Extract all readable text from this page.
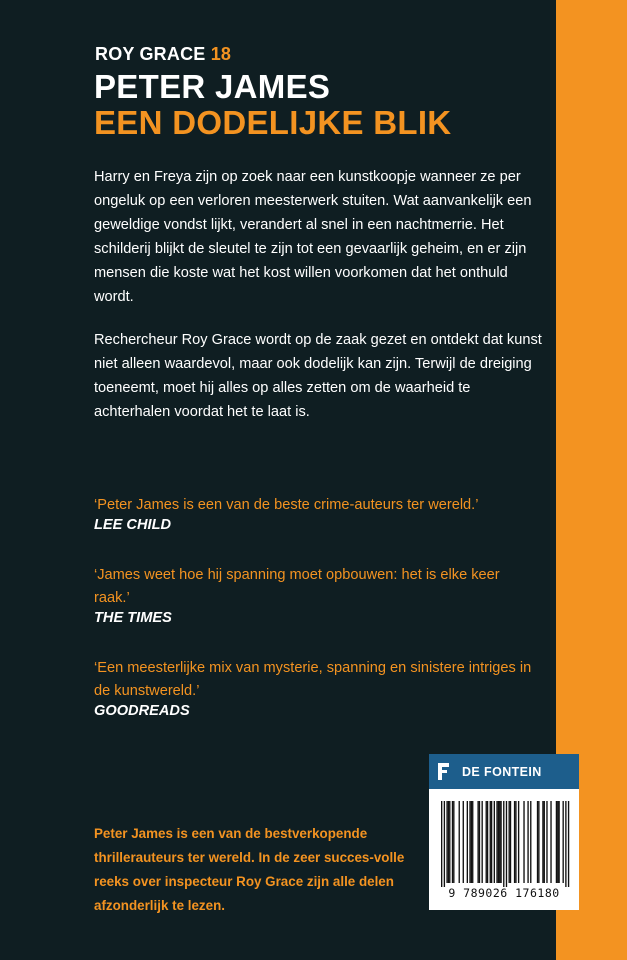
ROY GRACE 18
PETER JAMES
EEN DODELIJKE BLIK

Harry en Freya zijn op zoek naar een kunstkoopje wanneer ze per ongeluk op een verloren meesterwerk stuiten. Wat aanvankelijk een geweldige vondst lijkt, verandert al snel in een nachtmerrie. Het schilderij blijkt de sleutel te zijn tot een gevaarlijk geheim, en er zijn mensen die koste wat het kost willen voorkomen dat het onthuld wordt.

Rechercheur Roy Grace wordt op de zaak gezet en ontdekt dat kunst niet alleen waardevol, maar ook dodelijk kan zijn. Terwijl de dreiging toeneemt, moet hij alles op alles zetten om de waarheid te achterhalen voordat het te laat is.

‘Peter James is een van de beste crime-auteurs ter wereld.’

LEE CHILD

‘James weet hoe hij spanning moet opbouwen: het is elke keer raak.’

THE TIMES

‘Een meesterlijke mix van mysterie, spanning en sinistere intriges in de kunstwereld.’

GOODREADS

Peter James is een van de bestverkopende thrillerauteurs ter wereld. In de zeer succes-volle reeks over inspecteur Roy Grace zijn alle delen afzonderlijk te lezen.

DE FONTEIN
9 789026 176180
